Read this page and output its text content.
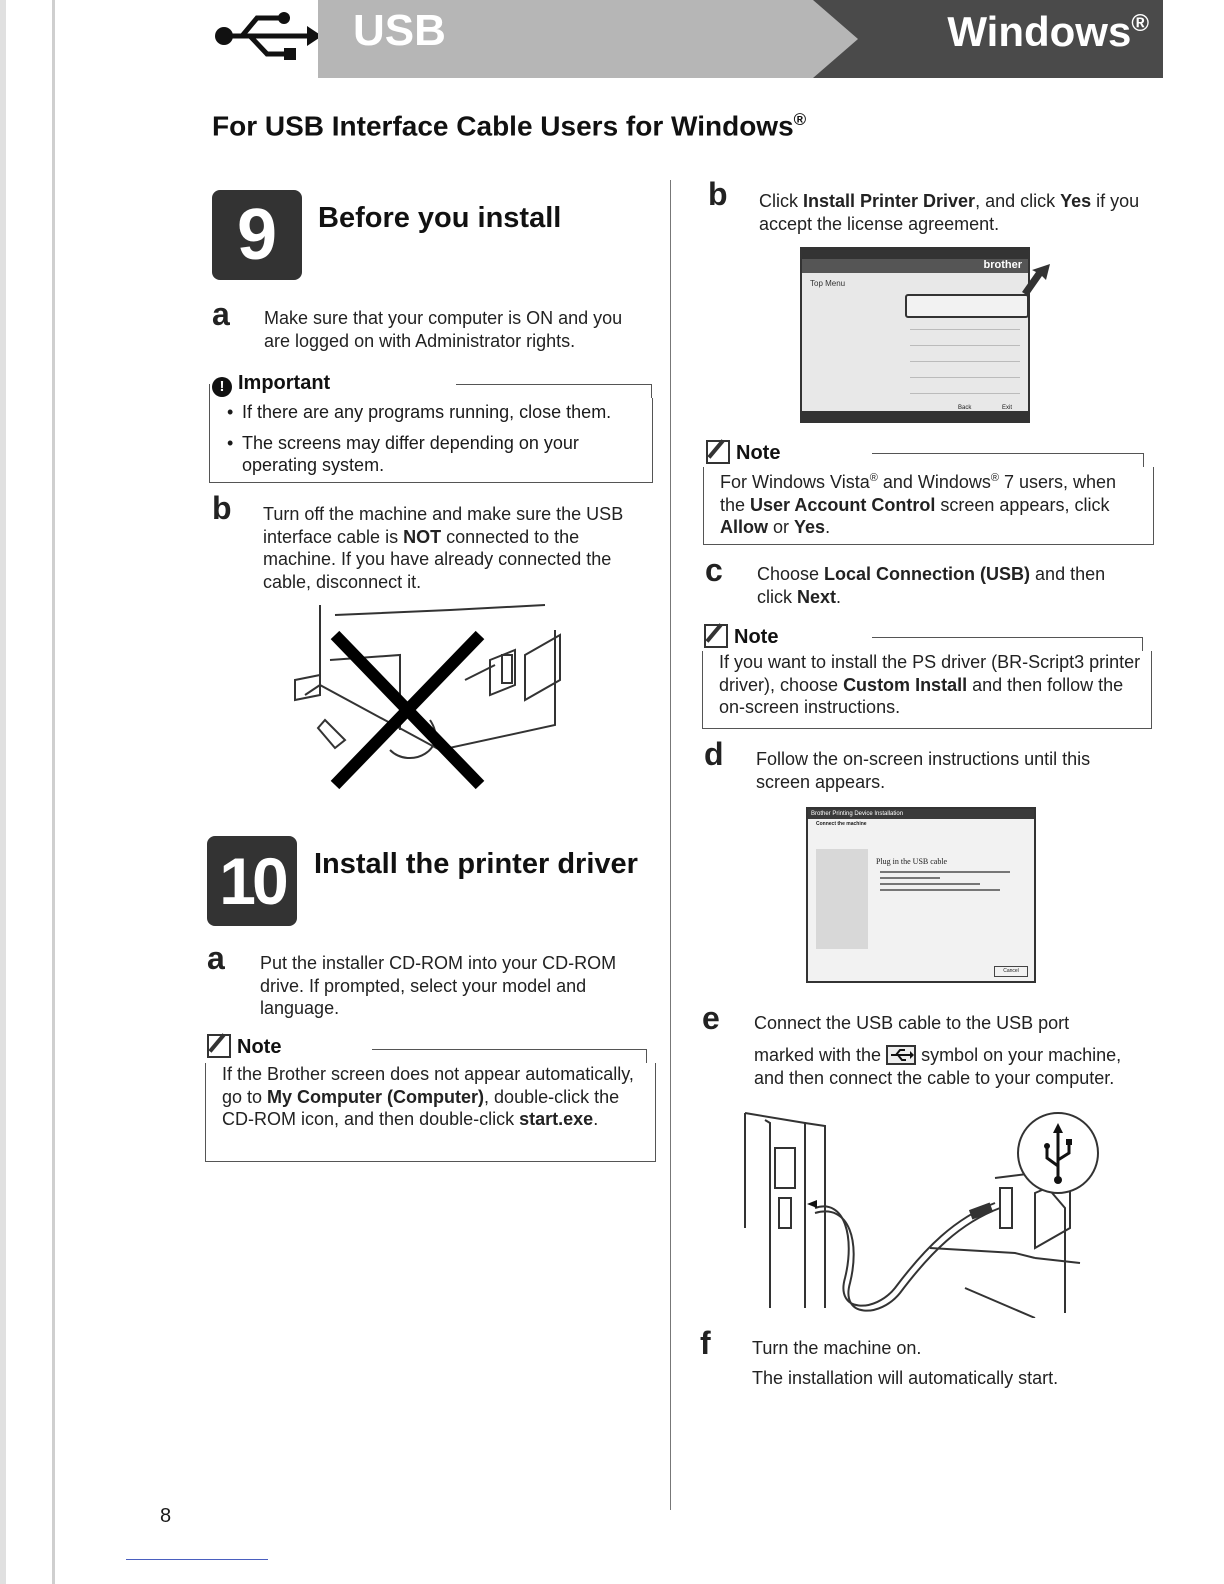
USB	Windows®
For USB Interface Cable Users for Windows®
9	Before you install
a Make sure that your computer is ON and you are logged on with Administrator rights.
! Important
• If there are any programs running, close them.
• The screens may differ depending on your operating system.
b Turn off the machine and make sure the USB interface cable is NOT connected to the machine. If you have already connected the cable, disconnect it.
10	Install the printer driver
a Put the installer CD-ROM into your CD-ROM drive. If prompted, select your model and language.
Note
If the Brother screen does not appear automatically, go to My Computer (Computer), double-click the CD-ROM icon, and then double-click start.exe.
b Click Install Printer Driver, and click Yes if you accept the license agreement.
brother
Top Menu
Back	Exit
Note
For Windows Vista® and Windows® 7 users, when the User Account Control screen appears, click Allow or Yes.
c Choose Local Connection (USB) and then click Next.
Note
If you want to install the PS driver (BR-Script3 printer driver), choose Custom Install and then follow the on-screen instructions.
d Follow the on-screen instructions until this screen appears.
Brother Printing Device Installation
Connect the machine
Plug in the USB cable
Cancel
e Connect the USB cable to the USB port
marked with the
symbol on your machine, and then connect the cable to your computer.
f Turn the machine on.
The installation will automatically start.
8
